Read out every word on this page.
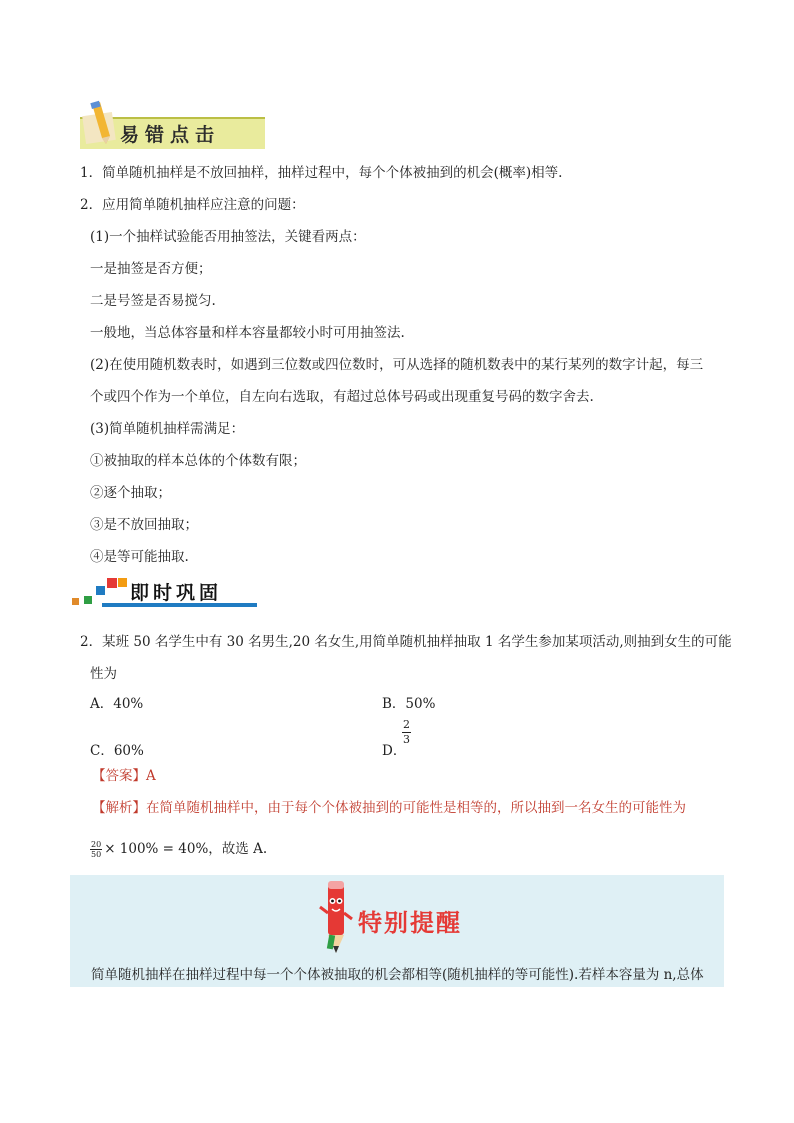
易错点击
1．简单随机抽样是不放回抽样，抽样过程中，每个个体被抽到的机会(概率)相等.
2．应用简单随机抽样应注意的问题：
(1)一个抽样试验能否用抽签法，关键看两点：
一是抽签是否方便；
二是号签是否易搅匀.
一般地，当总体容量和样本容量都较小时可用抽签法.
(2)在使用随机数表时，如遇到三位数或四位数时，可从选择的随机数表中的某行某列的数字计起，每三
个或四个作为一个单位，自左向右选取，有超过总体号码或出现重复号码的数字舍去.
(3)简单随机抽样需满足：
①被抽取的样本总体的个体数有限；
②逐个抽取；
③是不放回抽取；
④是等可能抽取.
即时巩固
2．某班 50 名学生中有 30 名男生,20 名女生,用简单随机抽样抽取 1 名学生参加某项活动,则抽到女生的可能
性为
A．40%	B．50%
C．60%	D．
$\frac{2}{3}$
【答案】A
【解析】在简单随机抽样中，由于每个个体被抽到的可能性是相等的，所以抽到一名女生的可能性为
$\frac{20}{50} \times 100\% = 40\%$，故选 A.
特别提醒
简单随机抽样在抽样过程中每一个个体被抽取的机会都相等(随机抽样的等可能性).若样本容量为 n,总体
